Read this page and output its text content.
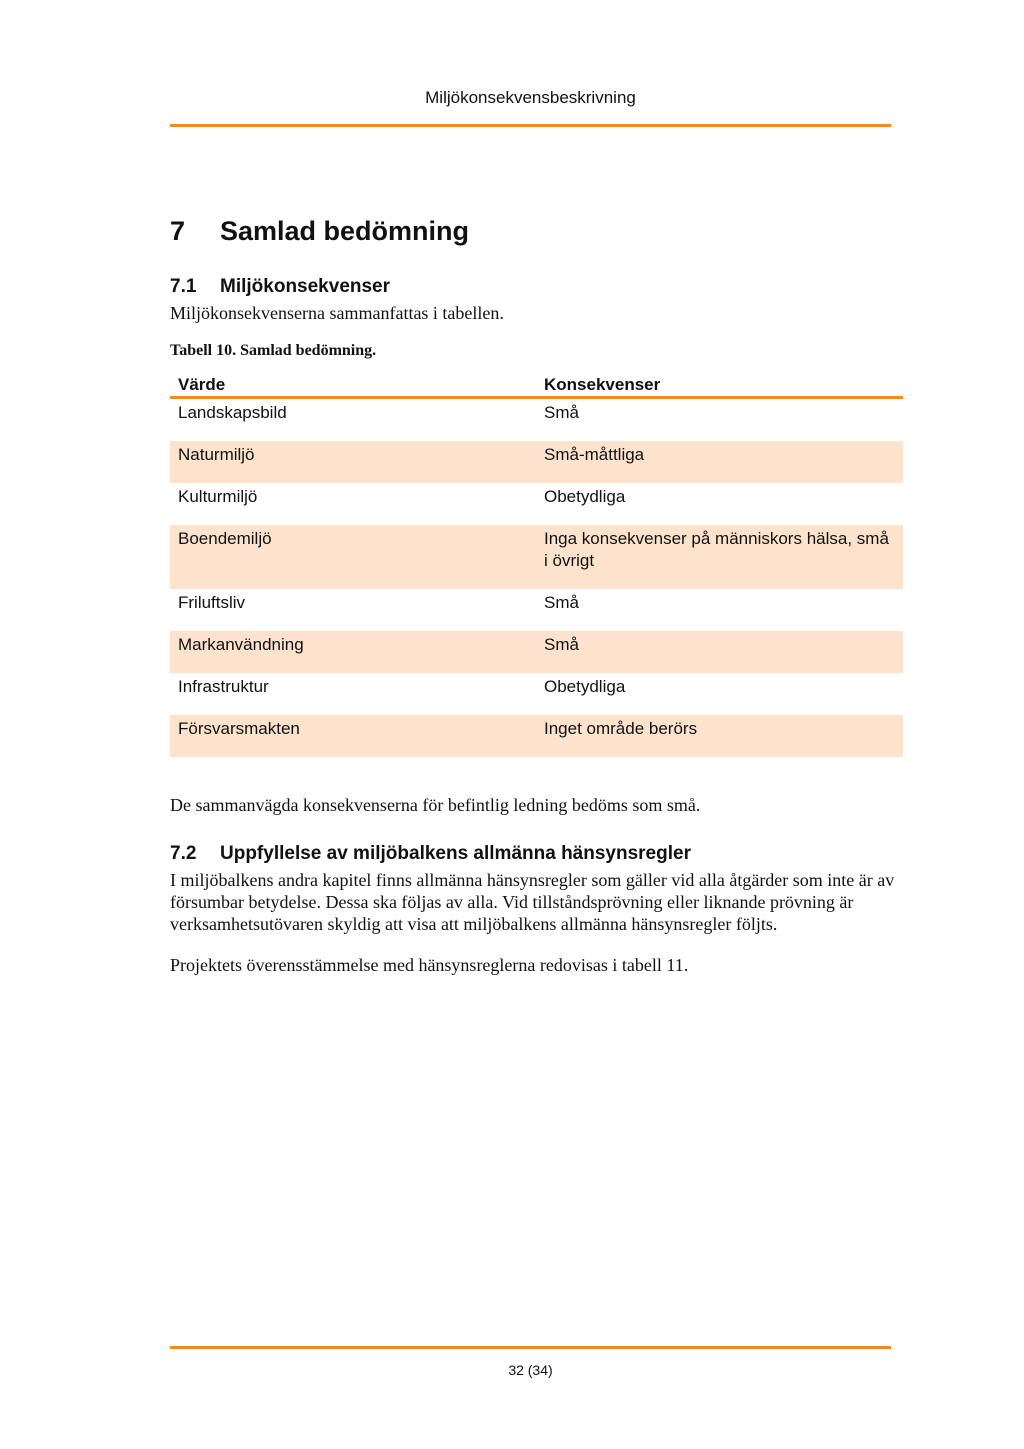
Miljökonsekvensbeskrivning
7 Samlad bedömning
7.1 Miljökonsekvenser
Miljökonsekvenserna sammanfattas i tabellen.
Tabell 10. Samlad bedömning.
Värde	Konsekvenser
Landskapsbild	Små
Naturmiljö	Små-måttliga
Kulturmiljö	Obetydliga
Boendemiljö	Inga konsekvenser på människors hälsa, små i övrigt
Friluftsliv	Små
Markanvändning	Små
Infrastruktur	Obetydliga
Försvarsmakten	Inget område berörs
De sammanvägda konsekvenserna för befintlig ledning bedöms som små.
7.2 Uppfyllelse av miljöbalkens allmänna hänsynsregler
I miljöbalkens andra kapitel finns allmänna hänsynsregler som gäller vid alla åtgärder som inte är av försumbar betydelse. Dessa ska följas av alla. Vid tillståndsprövning eller liknande prövning är verksamhetsutövaren skyldig att visa att miljöbalkens allmänna hänsynsregler följts.
Projektets överensstämmelse med hänsynsreglerna redovisas i tabell 11.
32 (34)
